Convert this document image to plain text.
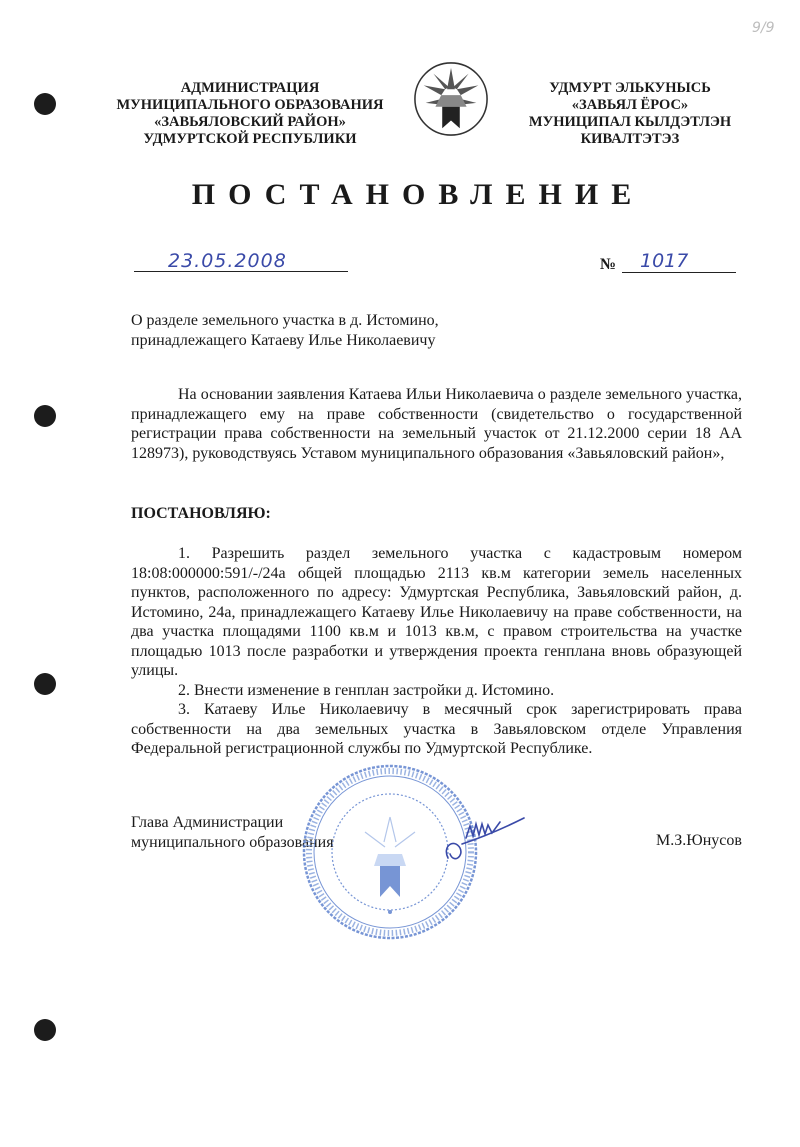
9/9
АДМИНИСТРАЦИЯ
МУНИЦИПАЛЬНОГО ОБРАЗОВАНИЯ
«ЗАВЬЯЛОВСКИЙ РАЙОН»
УДМУРТСКОЙ РЕСПУБЛИКИ
УДМУРТ ЭЛЬКУНЫСЬ
«ЗАВЬЯЛ ЁРОС»
МУНИЦИПАЛ КЫЛДЭТЛЭН
КИВАЛТЭТЭЗ
ПОСТАНОВЛЕНИЕ
23.05.2008	№ 1017
О разделе земельного участка в д. Истомино,
принадлежащего Катаеву Илье Николаевичу
На основании заявления Катаева Ильи Николаевича о разделе земельного участка, принадлежащего ему на праве собственности (свидетельство о государственной регистрации права собственности на земельный участок от 21.12.2000 серии 18 АА 128973), руководствуясь Уставом муниципального образования «Завьяловский район»,
ПОСТАНОВЛЯЮ:

1. Разрешить раздел земельного участка с кадастровым номером 18:08:000000:591/-/24а общей площадью 2113 кв.м категории земель населенных пунктов, расположенного по адресу: Удмуртская Республика, Завьяловский район, д. Истомино, 24а, принадлежащего Катаеву Илье Николаевичу на праве собственности, на два участка площадями 1100 кв.м и 1013 кв.м, с правом строительства на участке площадью 1013 после разработки и утверждения проекта генплана вновь образующей улицы.

2. Внести изменение в генплан застройки д. Истомино.

3. Катаеву Илье Николаевичу в месячный срок зарегистрировать права собственности на два земельных участка в Завьяловском отделе Управления Федеральной регистрационной службы по Удмуртской Республике.

Глава Администрации
муниципального образования	М.З.Юнусов
